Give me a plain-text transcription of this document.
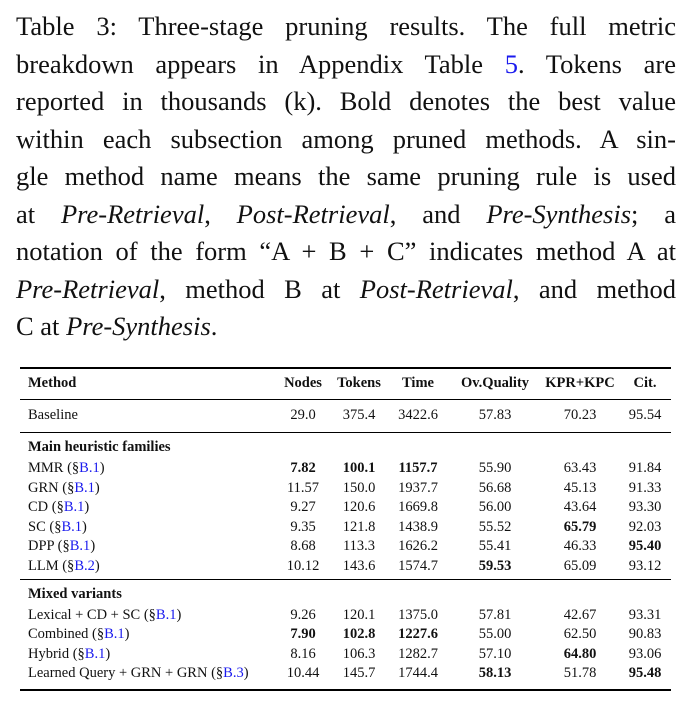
Table 3: Three-stage pruning results. The full metric
breakdown appears in Appendix Table 5. Tokens are
reported in thousands (k). Bold denotes the best value
within each subsection among pruned methods. A sin-
gle method name means the same pruning rule is used
at Pre-Retrieval, Post-Retrieval, and Pre-Synthesis; a
notation of the form “A + B + C” indicates method A at
Pre-Retrieval, method B at Post-Retrieval, and method
C at Pre-Synthesis.
Method	Nodes	Tokens	Time	Ov.Quality	KPR+KPC	Cit.
Baseline	29.0	375.4	3422.6	57.83	70.23	95.54
Main heuristic families
MMR (§B.1)	7.82	100.1	1157.7	55.90	63.43	91.84
GRN (§B.1)	11.57	150.0	1937.7	56.68	45.13	91.33
CD (§B.1)	9.27	120.6	1669.8	56.00	43.64	93.30
SC (§B.1)	9.35	121.8	1438.9	55.52	65.79	92.03
DPP (§B.1)	8.68	113.3	1626.2	55.41	46.33	95.40
LLM (§B.2)	10.12	143.6	1574.7	59.53	65.09	93.12
Mixed variants
Lexical + CD + SC (§B.1)	9.26	120.1	1375.0	57.81	42.67	93.31
Combined (§B.1)	7.90	102.8	1227.6	55.00	62.50	90.83
Hybrid (§B.1)	8.16	106.3	1282.7	57.10	64.80	93.06
Learned Query + GRN + GRN (§B.3)	10.44	145.7	1744.4	58.13	51.78	95.48
